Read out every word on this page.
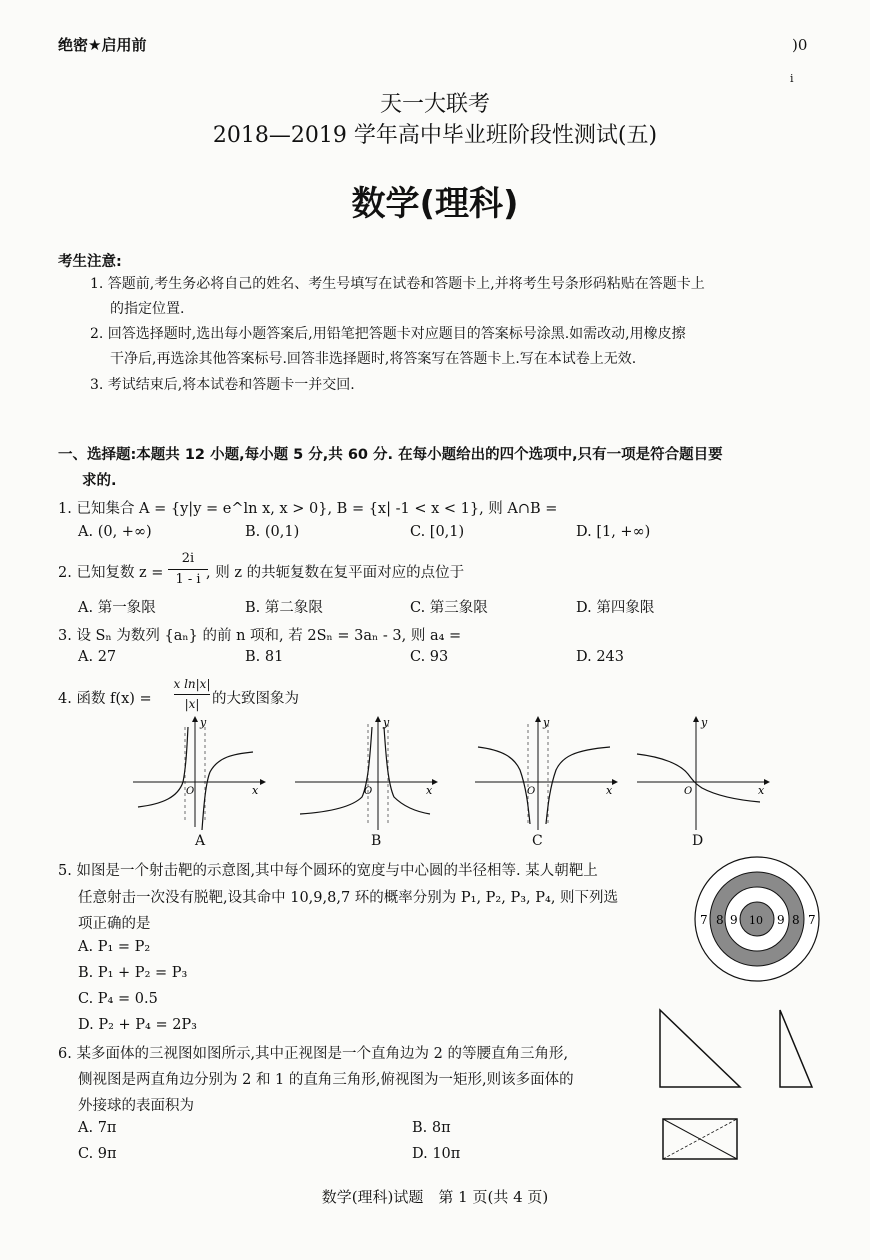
绝密★启用前	)0
i
天一大联考
2018—2019 学年高中毕业班阶段性测试(五)
数学(理科)
考生注意:
1. 答题前,考生务必将自己的姓名、考生号填写在试卷和答题卡上,并将考生号条形码粘贴在答题卡上
的指定位置.
2. 回答选择题时,选出每小题答案后,用铅笔把答题卡对应题目的答案标号涂黑.如需改动,用橡皮擦
干净后,再选涂其他答案标号.回答非选择题时,将答案写在答题卡上.写在本试卷上无效.
3. 考试结束后,将本试卷和答题卡一并交回.
一、选择题:本题共 12 小题,每小题 5 分,共 60 分. 在每小题给出的四个选项中,只有一项是符合题目要
求的.
1. 已知集合 A = {y|y = e^ln x, x > 0}, B = {x| -1 < x < 1}, 则 A∩B =
A. (0, +∞)	B. (0,1)	C. [0,1)	D. [1, +∞)
2. 已知复数 z =
2i
1 - i , 则 z 的共轭复数在复平面对应的点位于
A. 第一象限	B. 第二象限	C. 第三象限	D. 第四象限
3. 设 Sₙ 为数列 {aₙ} 的前 n 项和, 若 2Sₙ = 3aₙ - 3, 则 a₄ =
A. 27	B. 81	C. 93	D. 243
4. 函数 f(x) =
x ln|x|
|x| 的大致图象为
y
x
O
A
y
x
O
B
y
x
O
C
y
x
O
D
5. 如图是一个射击靶的示意图,其中每个圆环的宽度与中心圆的半径相等. 某人朝靶上
任意射击一次没有脱靶,设其命中 10,9,8,7 环的概率分别为 P₁, P₂, P₃, P₄, 则下列选
项正确的是
A. P₁ = P₂
B. P₁ + P₂ = P₃
C. P₄ = 0.5
D. P₂ + P₄ = 2P₃
7 8 9 10 9 8 7
6. 某多面体的三视图如图所示,其中正视图是一个直角边为 2 的等腰直角三角形,
侧视图是两直角边分别为 2 和 1 的直角三角形,俯视图为一矩形,则该多面体的
外接球的表面积为
A. 7π	B. 8π
C. 9π	D. 10π
数学(理科)试题　第 1 页(共 4 页)
